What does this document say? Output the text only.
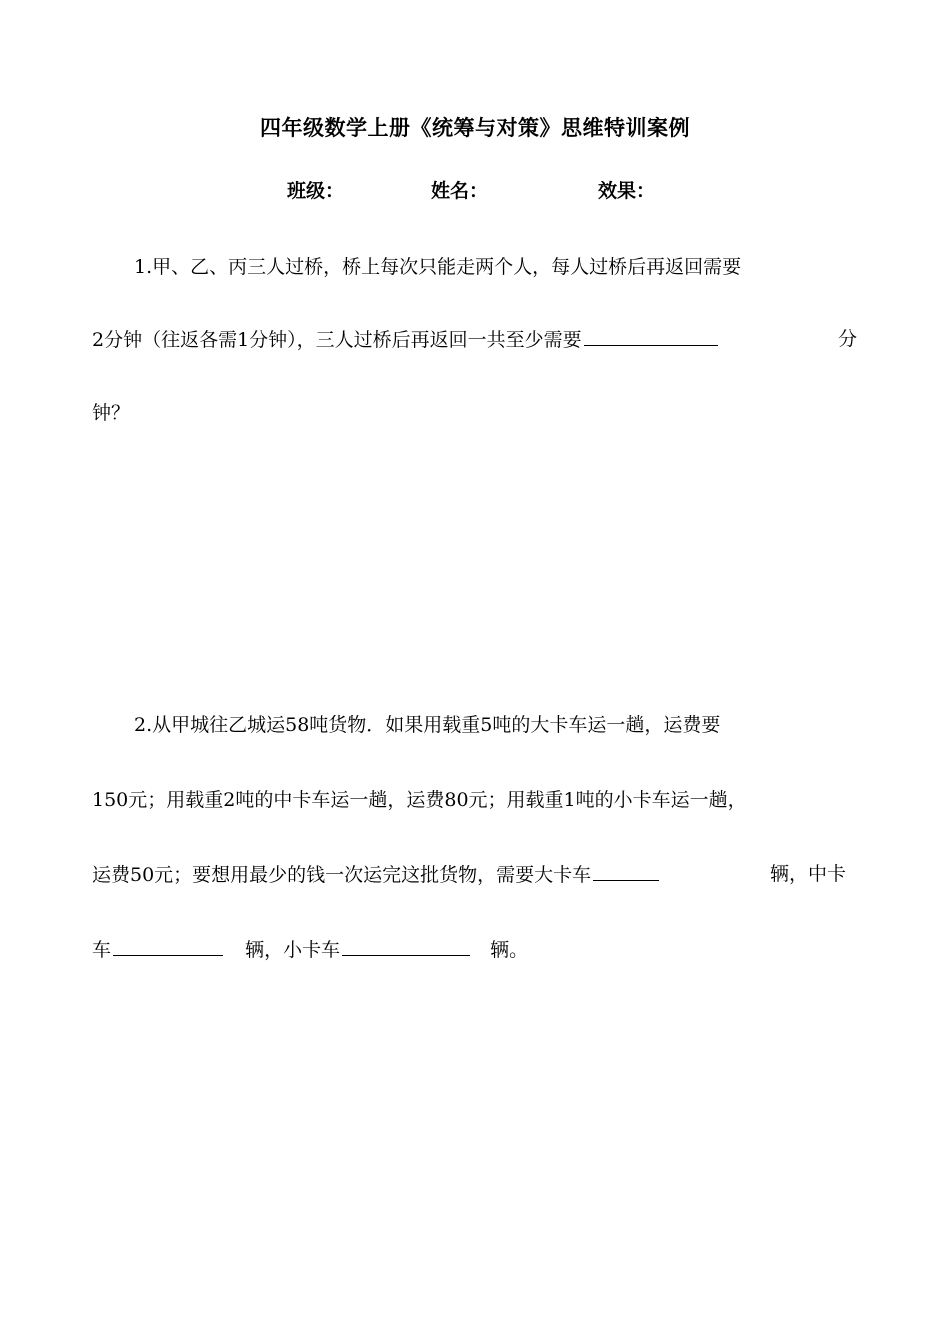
四年级数学上册《统筹与对策》思维特训案例
班级：	姓名：	效果：
1.甲、乙、丙三人过桥，桥上每次只能走两个人，每人过桥后再返回需要
2分钟（往返各需1分钟），三人过桥后再返回一共至少需要	分
钟？
2.从甲城往乙城运58吨货物．如果用载重5吨的大卡车运一趟，运费要
150元；用载重2吨的中卡车运一趟，运费80元；用载重1吨的小卡车运一趟，
运费50元；要想用最少的钱一次运完这批货物，需要大卡车	辆，中卡
车	辆，小卡车	辆。
